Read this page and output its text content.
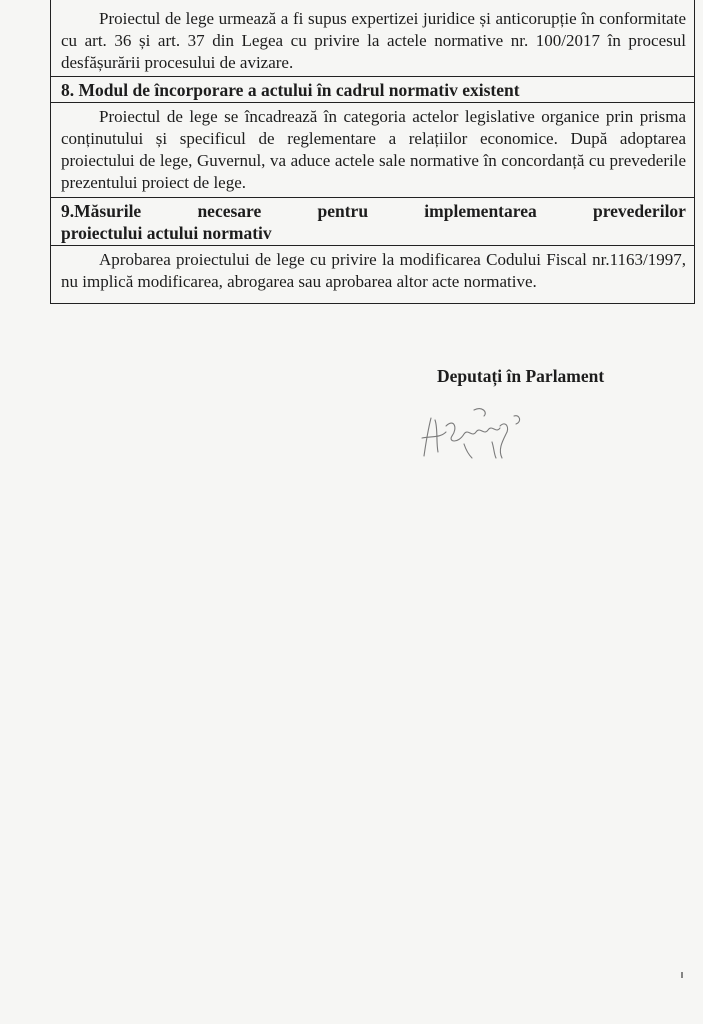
Proiectul de lege urmează a fi supus expertizei juridice și anticorupție în conformitate cu art. 36 și art. 37 din Legea cu privire la actele normative nr. 100/2017 în procesul desfășurării procesului de avizare.

8. Modul de încorporare a actului în cadrul normativ existent

Proiectul de lege se încadrează în categoria actelor legislative organice prin prisma conținutului și specificul de reglementare a relațiilor economice. După adoptarea proiectului de lege, Guvernul, va aduce actele sale normative în concordanță cu prevederile prezentului proiect de lege.

9.Măsurile	necesare	pentru	implementarea	prevederilor
proiectului actului normativ

Aprobarea proiectului de lege cu privire la modificarea Codului Fiscal nr.1163/1997, nu implică modificarea, abrogarea sau aprobarea altor acte normative.

Deputați în Parlament
